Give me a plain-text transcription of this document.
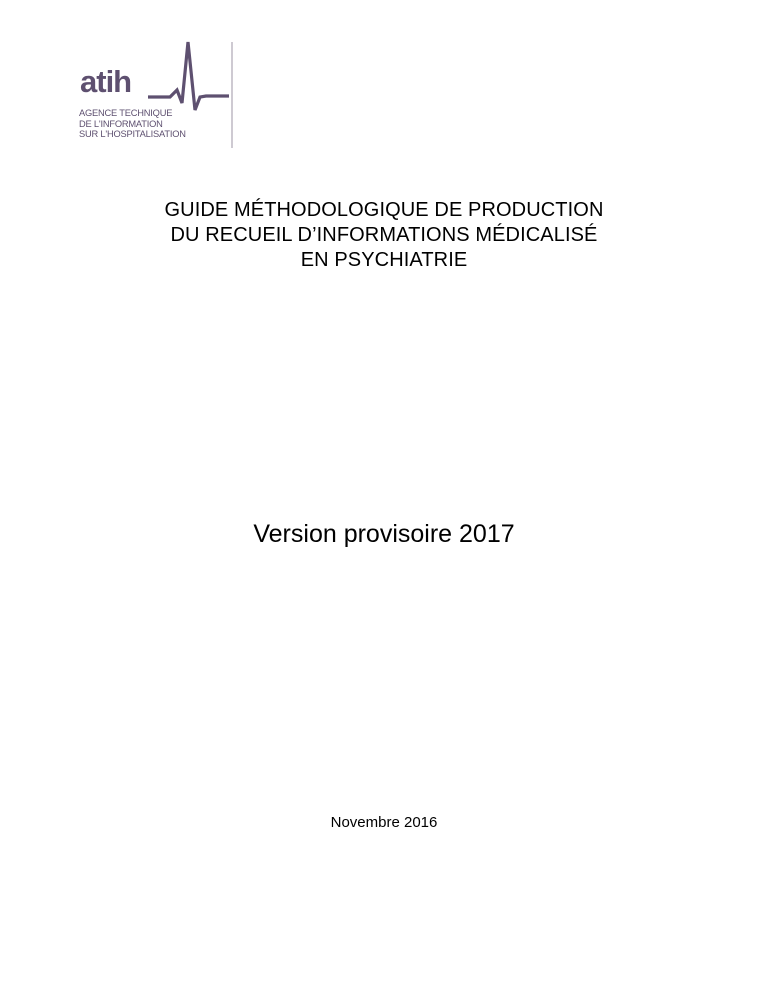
atih
AGENCE TECHNIQUE
DE L'INFORMATION
SUR L'HOSPITALISATION
GUIDE MÉTHODOLOGIQUE DE PRODUCTION
DU RECUEIL D’INFORMATIONS MÉDICALISÉ
EN PSYCHIATRIE
Version provisoire 2017
Novembre 2016
